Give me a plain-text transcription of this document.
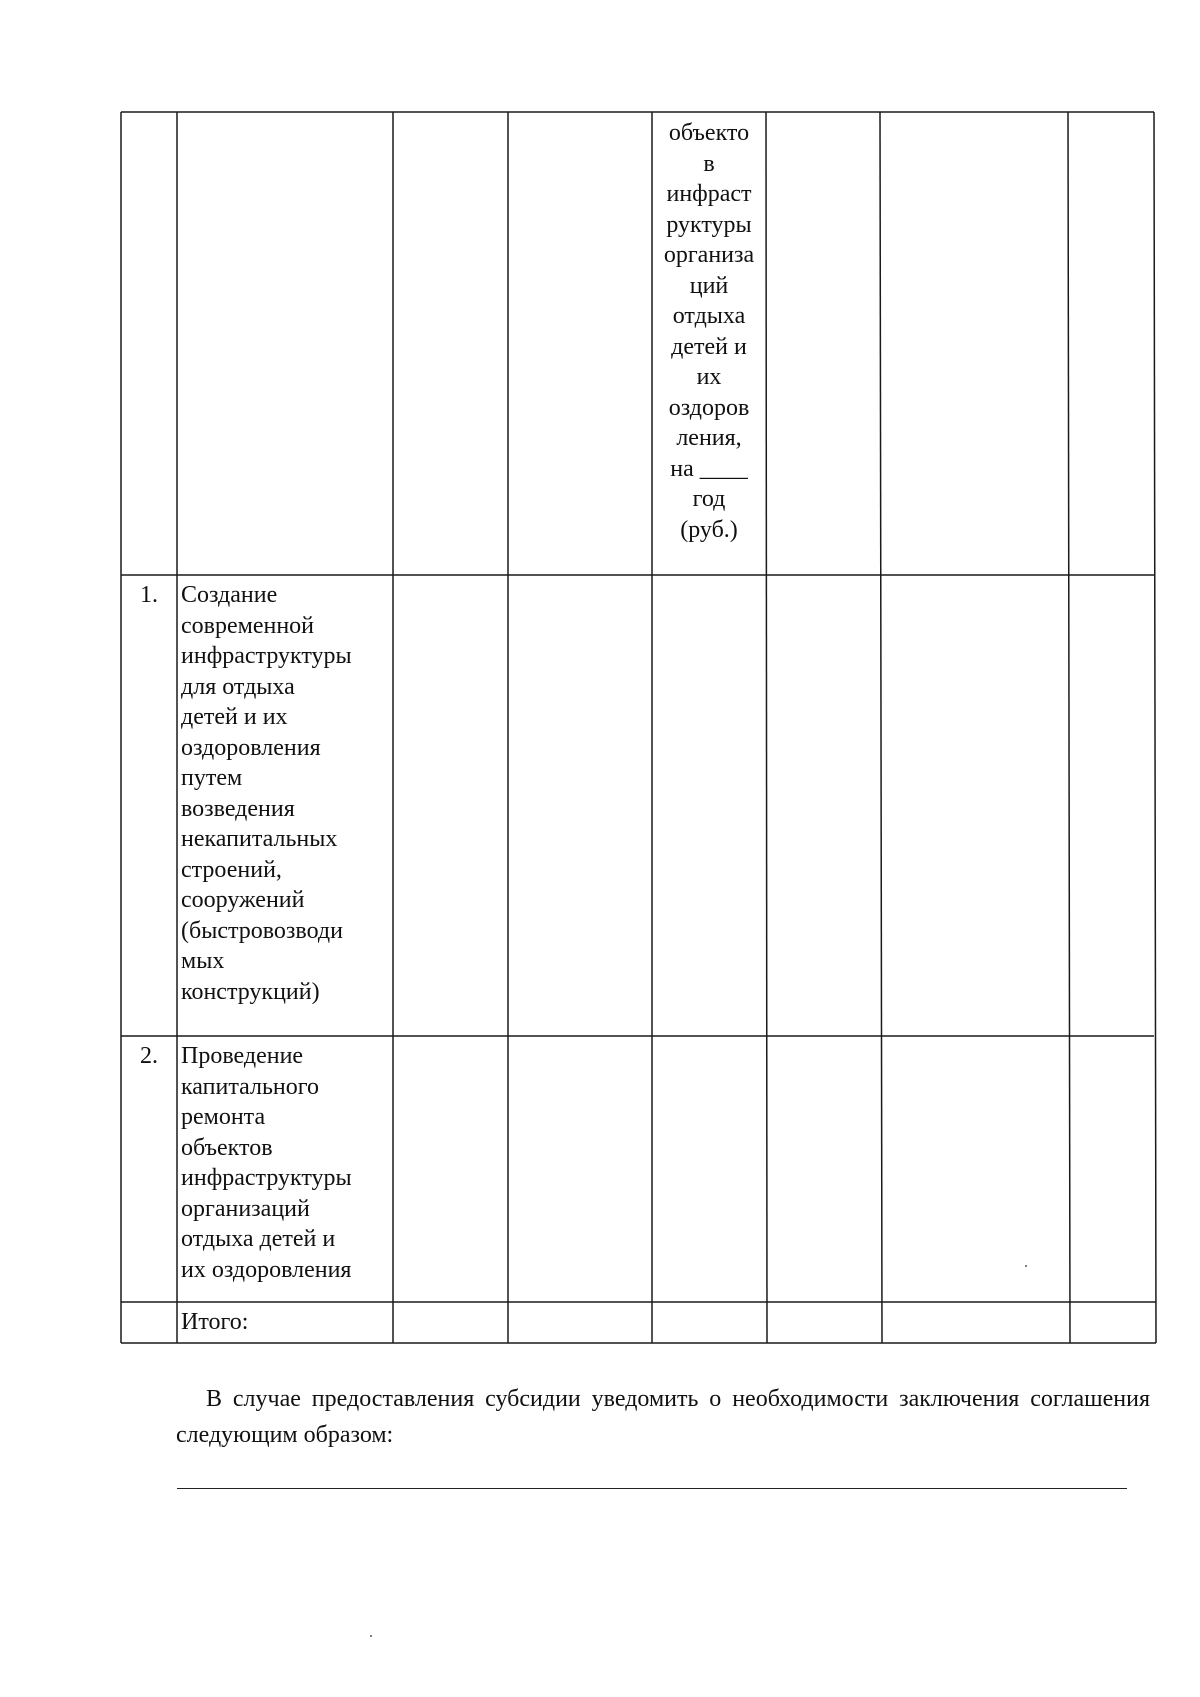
объекто
в
инфраст
руктуры
организа
ций
отдыха
детей и
их
оздоров
ления,
на ____
год
(руб.)
1. Создание
современной
инфраструктуры
для отдыха
детей и их
оздоровления
путем
возведения
некапитальных
строений,
сооружений
(быстровозводи
мых
конструкций)
2. Проведение
капитального
ремонта
объектов
инфраструктуры
организаций
отдыха детей и
их оздоровления
Итого:
В случае предоставления субсидии уведомить о необходимости заключения соглашения следующим образом:
